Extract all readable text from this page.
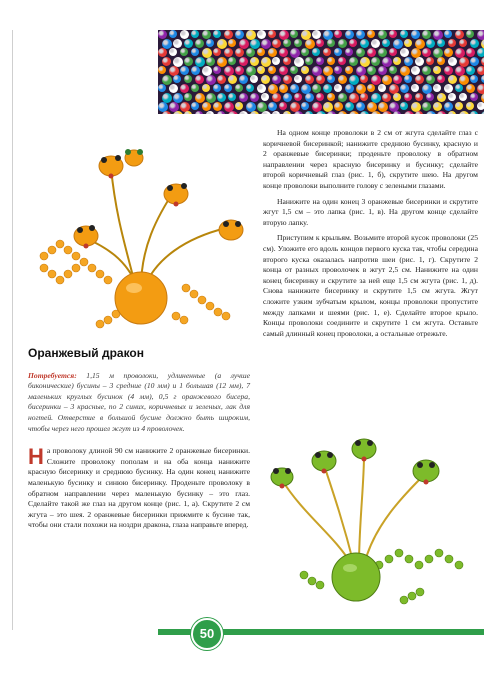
На одном конце проволоки в 2 см от жгута сделайте глаз с коричневой бисеринкой; нанижите среднюю бусинку, красную и 2 оранжевые бисеринки; проденьте проволоку в обратном направлении через красную бисеринку и бусинку; сделайте второй коричневый глаз (рис. 1, б), скрутите шею. На другом конце проволоки выполните голову с зелеными глазами.

Нанижите на один конец 3 оранжевые бисеринки и скрутите жгут 1,5 см – это лапка (рис. 1, в). На другом конце сделайте вторую лапку.

Приступим к крыльям. Возьмите второй кусок проволоки (25 см). Уложите его вдоль концов первого куска так, чтобы середина второго куска оказалась напротив шеи (рис. 1, г). Скрутите 2 конца от разных проволочек в жгут 2,5 см. Нанижите на один конец бисеринку и скрутите за ней еще 1,5 см жгута (рис. 1, д). Снова нанижите бисеринку и скрутите 1,5 см жгута. Жгут сложите узким зубчатым крылом, концы проволоки пропустите между лапками и шеями (рис. 1, е). Сделайте второе крыло. Концы проволоки соедините и скрутите 1 см жгута. Оставьте самый длинный конец проволоки, а остальные отрежьте.

Оранжевый дракон

Потребуется: 1,15 м проволоки, удлиненные (а лучше биконические) бусины – 3 средние (10 мм) и 1 большая (12 мм), 7 маленьких круглых бусинок (4 мм), 0,5 г оранжевого бисера, бисеринки – 3 красные, по 2 синих, коричневых и зеленых, лак для ногтей. Отверстие в большой бусине должно быть широким, чтобы через него прошел жгут из 4 проволочек.

На проволоку длиной 90 см нанижите 2 оранжевые бисеринки. Сложите проволоку пополам и на оба конца нанижите красную бисеринку и среднюю бусинку. На один конец нанижите маленькую бусинку и синюю бисеринку. Проденьте проволоку в обратном направлении через маленькую бусинку – это глаз. Сделайте такой же глаз на другом конце (рис. 1, а). Скрутите 2 см жгута – это шея. 2 оранжевые бисеринки прижмите к бусине так, чтобы они стали похожи на ноздри дракона, глаза направьте вперед.

50
